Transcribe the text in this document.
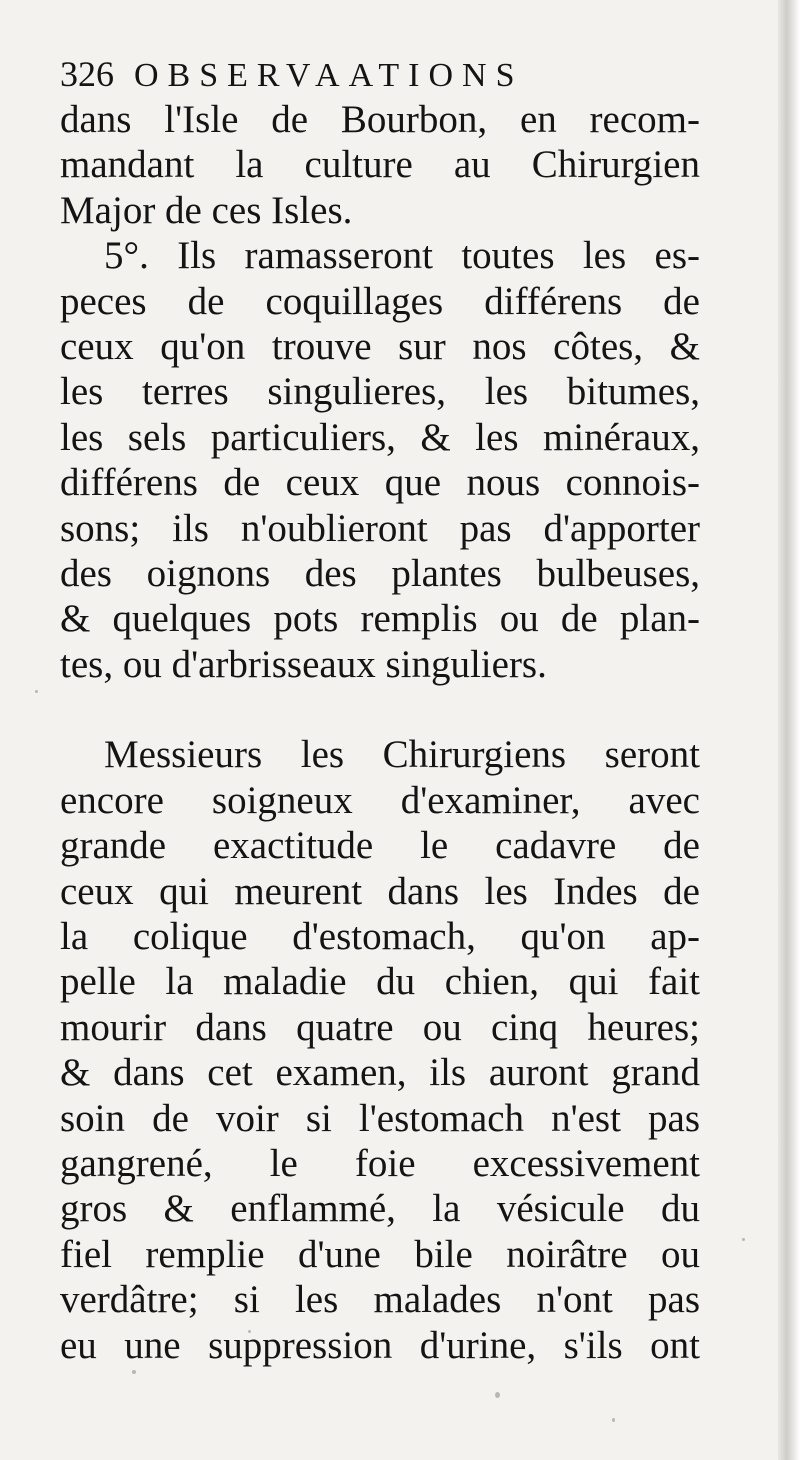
326 OBSERVAATIONS
dans l'Isle de Bourbon, en recom-
mandant la culture au Chirurgien
Major de ces Isles.
5°. Ils ramasseront toutes les es-
peces de coquillages différens de
ceux qu'on trouve sur nos côtes, &
les terres singulieres, les bitumes,
les sels particuliers, & les minéraux,
différens de ceux que nous connois-
sons; ils n'oublieront pas d'apporter
des oignons des plantes bulbeuses,
& quelques pots remplis ou de plan-
tes, ou d'arbrisseaux singuliers.
Messieurs les Chirurgiens seront
encore soigneux d'examiner, avec
grande exactitude le cadavre de
ceux qui meurent dans les Indes de
la colique d'estomach, qu'on ap-
pelle la maladie du chien, qui fait
mourir dans quatre ou cinq heures;
& dans cet examen, ils auront grand
soin de voir si l'estomach n'est pas
gangrené, le foie excessivement
gros & enflammé, la vésicule du
fiel remplie d'une bile noirâtre ou
verdâtre; si les malades n'ont pas
eu une suppression d'urine, s'ils ont
